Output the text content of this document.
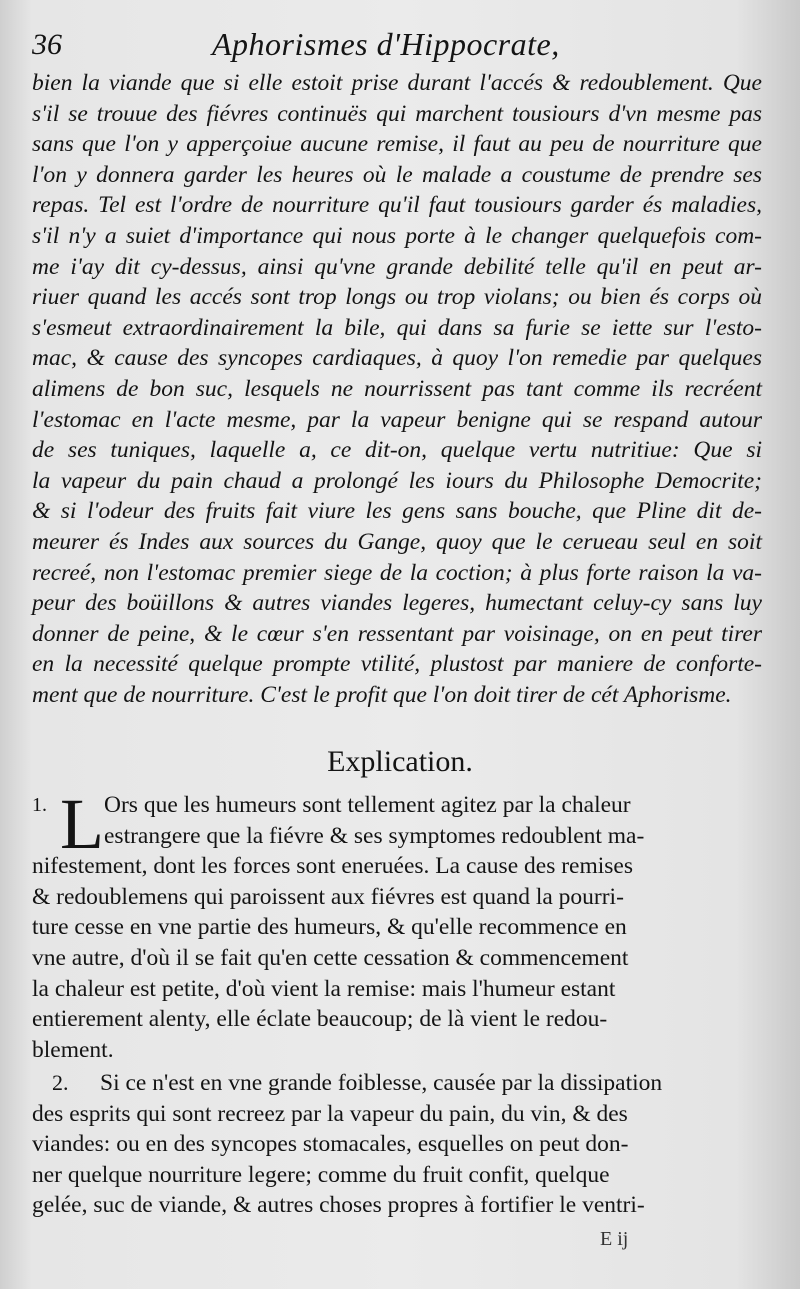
36	Aphorismes d'Hippocrate,
bien la viande que si elle estoit prise durant l'accés & redoublement. Que
s'il se trouue des fiévres continuës qui marchent tousiours d'vn mesme pas
sans que l'on y apperçoiue aucune remise, il faut au peu de nourriture que
l'on y donnera garder les heures où le malade a coustume de prendre ses
repas. Tel est l'ordre de nourriture qu'il faut tousiours garder és maladies,
s'il n'y a suiet d'importance qui nous porte à le changer quelquefois com-
me i'ay dit cy-dessus, ainsi qu'vne grande debilité telle qu'il en peut ar-
riuer quand les accés sont trop longs ou trop violans; ou bien és corps où
s'esmeut extraordinairement la bile, qui dans sa furie se iette sur l'esto-
mac, & cause des syncopes cardiaques, à quoy l'on remedie par quelques
alimens de bon suc, lesquels ne nourrissent pas tant comme ils recréent
l'estomac en l'acte mesme, par la vapeur benigne qui se respand autour
de ses tuniques, laquelle a, ce dit-on, quelque vertu nutritiue: Que si
la vapeur du pain chaud a prolongé les iours du Philosophe Democrite;
& si l'odeur des fruits fait viure les gens sans bouche, que Pline dit de-
meurer és Indes aux sources du Gange, quoy que le cerueau seul en soit
recreé, non l'estomac premier siege de la coction; à plus forte raison la va-
peur des boüillons & autres viandes legeres, humectant celuy-cy sans luy
donner de peine, & le cœur s'en ressentant par voisinage, on en peut tirer
en la necessité quelque prompte vtilité, plustost par maniere de conforte-
ment que de nourriture. C'est le profit que l'on doit tirer de cét Aphorisme.
Explication.
1. L Ors que les humeurs sont tellement agitez par la chaleur
estrangere que la fiévre & ses symptomes redoublent ma-
nifestement, dont les forces sont eneruées. La cause des remises
& redoublemens qui paroissent aux fiévres est quand la pourri-
ture cesse en vne partie des humeurs, & qu'elle recommence en
vne autre, d'où il se fait qu'en cette cessation & commencement
la chaleur est petite, d'où vient la remise: mais l'humeur estant
entierement alenty, elle éclate beaucoup; de là vient le redou-
blement.
2.	Si ce n'est en vne grande foiblesse, causée par la dissipation
des esprits qui sont recreez par la vapeur du pain, du vin, & des
viandes: ou en des syncopes stomacales, esquelles on peut don-
ner quelque nourriture legere; comme du fruit confit, quelque
gelée, suc de viande, & autres choses propres à fortifier le ventri-
E ij
